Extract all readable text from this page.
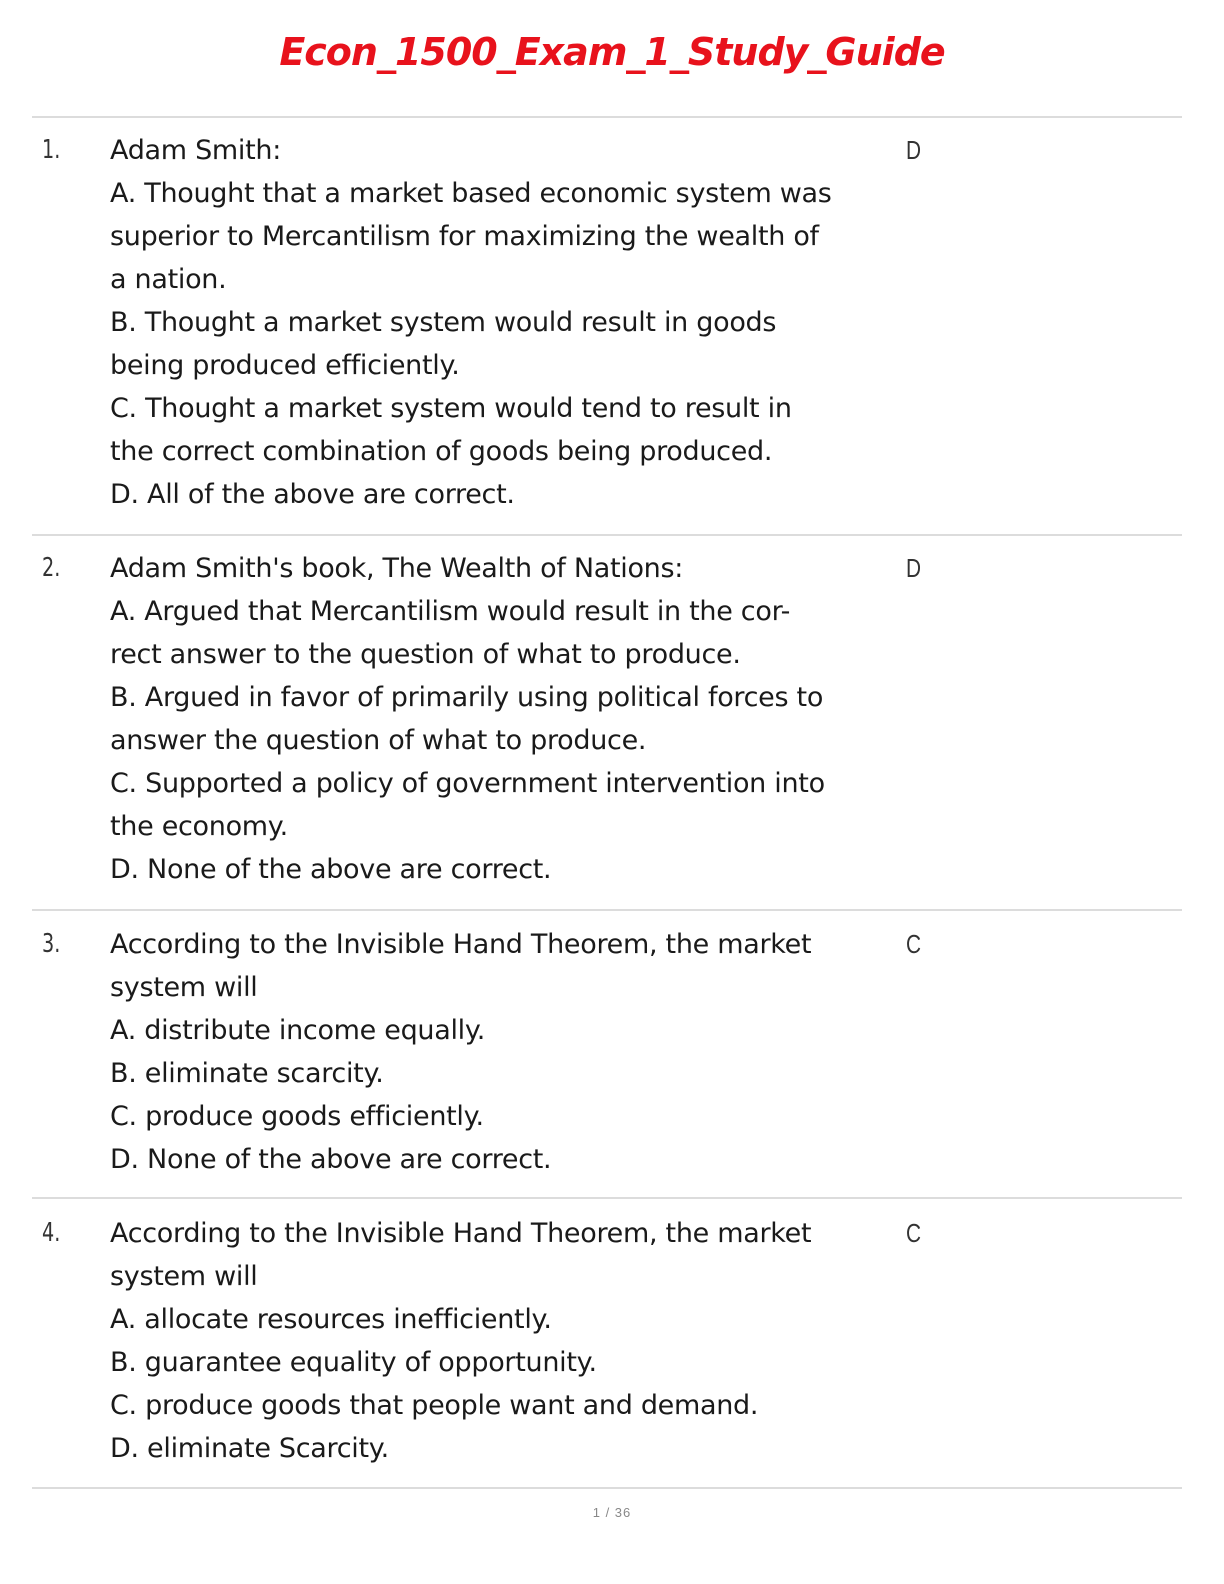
Econ_1500_Exam_1_Study_Guide
1. Adam Smith:
A. Thought that a market based economic system was
superior to Mercantilism for maximizing the wealth of
a nation.
B. Thought a market system would result in goods
being produced efficiently.
C. Thought a market system would tend to result in
the correct combination of goods being produced.
D. All of the above are correct.
D
2. Adam Smith's book, The Wealth of Nations:
A. Argued that Mercantilism would result in the cor-
rect answer to the question of what to produce.
B. Argued in favor of primarily using political forces to
answer the question of what to produce.
C. Supported a policy of government intervention into
the economy.
D. None of the above are correct.
D
3. According to the Invisible Hand Theorem, the market
system will
A. distribute income equally.
B. eliminate scarcity.
C. produce goods efficiently.
D. None of the above are correct.
C
4. According to the Invisible Hand Theorem, the market
system will
A. allocate resources inefficiently.
B. guarantee equality of opportunity.
C. produce goods that people want and demand.
D. eliminate Scarcity.
C
1 / 36
